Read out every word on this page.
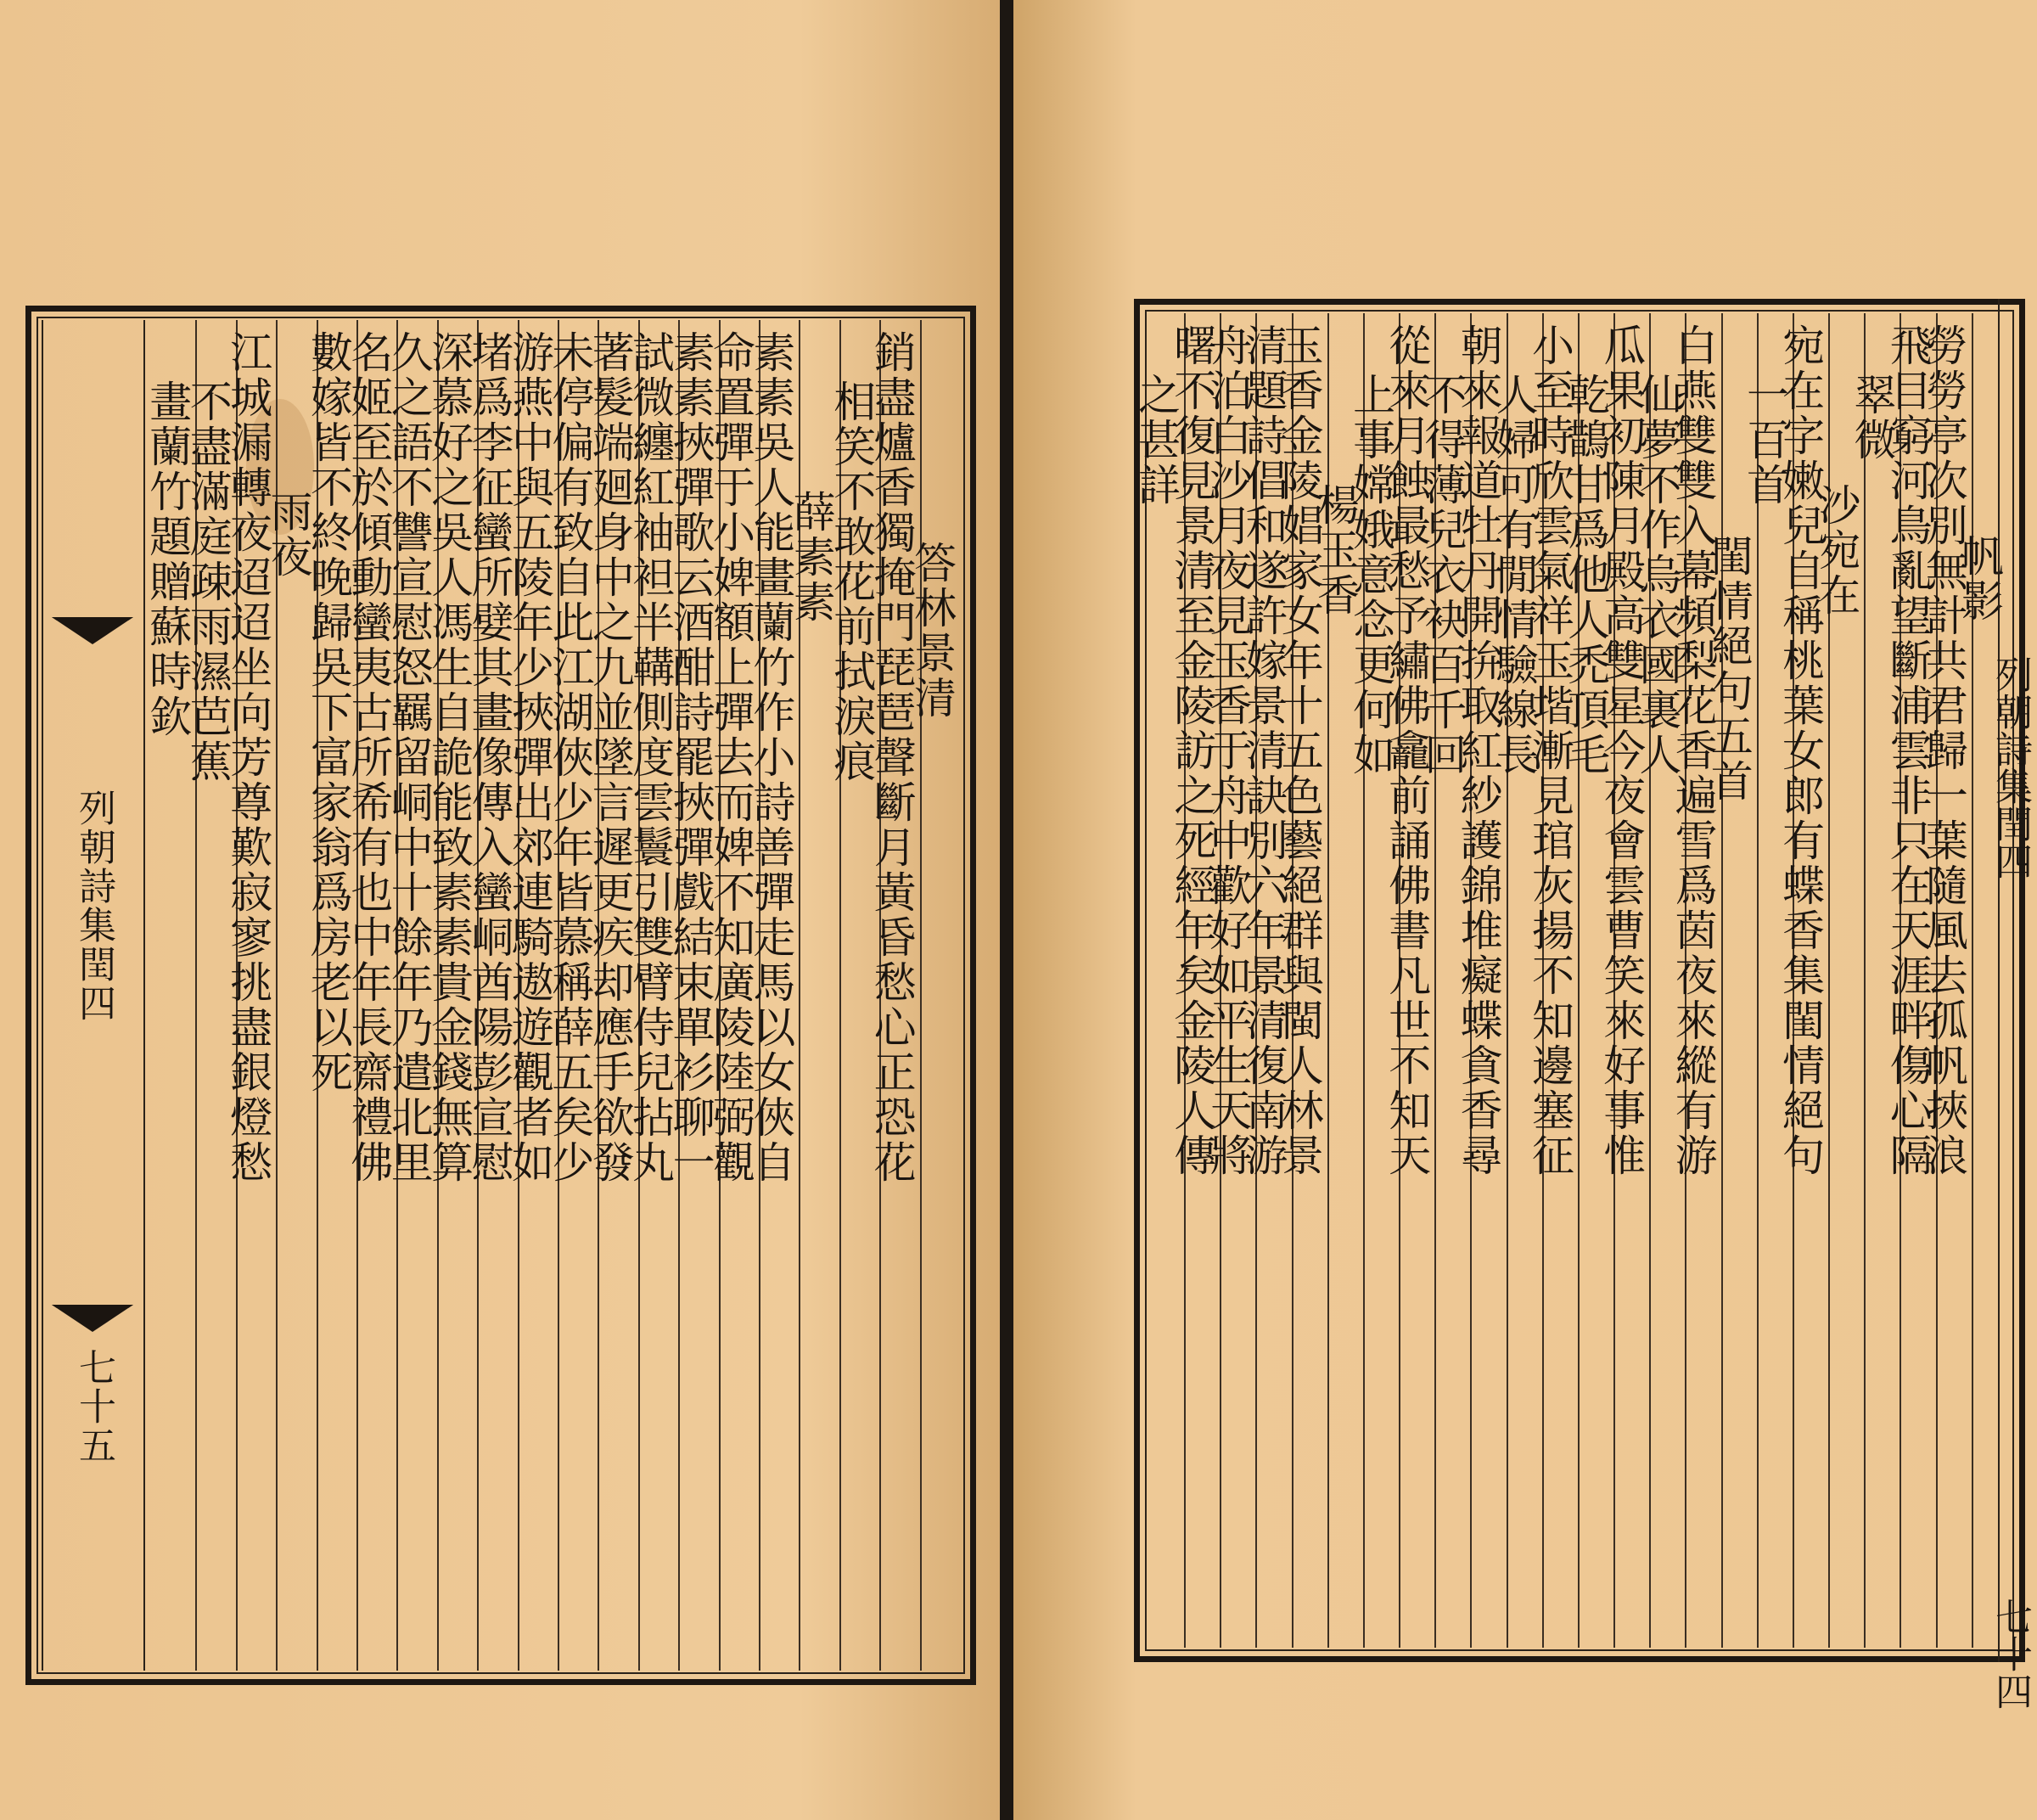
列朝詩集閏四
七十五
答林景清
銷盡爐香獨掩門琵琶聲斷月黃昏愁心正恐花
相笑不敢花前拭淚痕
薛素素
素素吳人能畫蘭竹作小詩善彈走馬以女俠自
命置彈于小婢額上彈去而婢不知廣陵陸弼觀
素素挾彈歌云酒酣詩罷挾彈戲結束單衫聊一
試微纏紅袖袒半鞲側度雲鬟引雙臂侍兒拈丸
著髮端廻身中之九並墜言遲更疾却應手欲發
未停偏有致自此江湖俠少年皆慕稱薛五矣少
游燕中與五陵年少挾彈出郊連騎遨遊觀者如
堵爲李征蠻所嬖其畫像傳入蠻峒酋陽彭宣慰
深慕好之吳人馮生自詭能致素素貴金錢無算
久之語不讐宣慰怒羈留峒中十餘年乃遣北里
名姬至於傾動蠻夷古所希有也中年長齋禮佛
數嫁皆不終晚歸吳下富家翁爲房老以死
雨夜
江城漏轉夜迢迢坐向芳尊歎寂寥挑盡銀燈愁
不盡滿庭疎雨濕芭蕉
畫蘭竹題贈蘇時欽	帆影
勞勞亭次別無計共君歸一葉隨風去孤帆挾浪
飛目窮河鳥亂望斷浦雲非只在天涯畔傷心隔
翠微
沙宛在
宛在字嫩兒自稱桃葉女郎有蝶香集閨情絕句
一百首
閨情絕句五首
白燕雙雙入幕頻梨花香遍雪爲茵夜來縱有游
仙夢不作烏衣國裏人
瓜果初陳月殿高雙星今夜會雲曹笑來好事惟
乾鵲甘爲他人禿頂毛
小至時欣雲氣祥玉堦漸見琯灰揚不知邊塞征
人婦可有閒情驗線長
朝來報道牡丹開拚取紅紗護錦堆癡蝶貪香尋
不得薄兒衣袂百千回
從來月蝕最愁予繡佛龕前誦佛書凡世不知天
上事嫦娥意念更何如
楊玉香
玉香金陵娼家女年十五色藝絕群與閩人林景
清題詩倡和遂許嫁景清訣別六年景清復南游
舟泊白沙月夜見玉香于舟中歡好如平生天將
曙不復見景清至金陵訪之死經年矣金陵人傳
之甚詳
列朝詩集閏四
七十四
